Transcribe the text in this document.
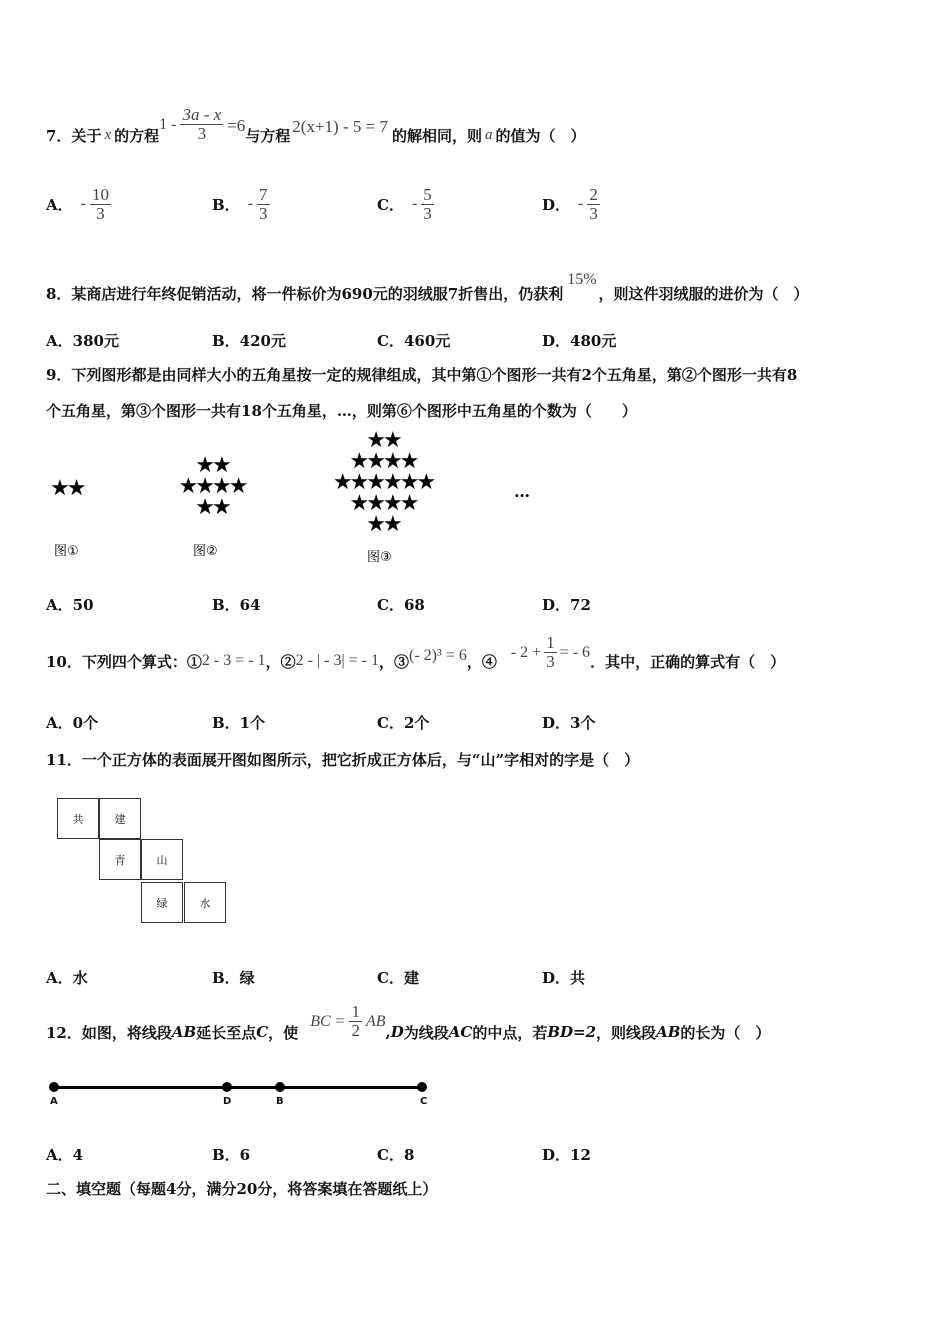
7．关于 x 的方程
$1 - \frac{3a - x}{3} =6$
与方程 2(x+1) - 5 = 7 的解相同，则 a 的值为（　）
A． - $\frac{10}{3}$	B． - $\frac{7}{3}$	C． - $\frac{5}{3}$	D． - $\frac{2}{3}$
8．某商店进行年终促销活动，将一件标价为690元的羽绒服7折售出，仍获利
15%
，则这件羽绒服的进价为（　）
A．380元	B．420元	C．460元	D．480元
9．下列图形都是由同样大小的五角星按一定的规律组成，其中第①个图形一共有2个五角星，第②个图形一共有8
个五角星，第③个图形一共有18个五角星，…，则第⑥个图形中五角星的个数为（　　）
★★
图①
★★
★★★★
★★
图②
★★
★★★★
★★★★★★
★★★★
★★
图③
…
A．50	B．64	C．68	D．72
10．下列四个算式：① 2 - 3 = - 1 ，② 2 - | - 3| = - 1 ，③ (- 2)³ = 6 ，④
- $2 + \frac{1}{3}$ = - 6
．其中，正确的算式有（　）
A．0个	B．1个	C．2个	D．3个
11．一个正方体的表面展开图如图所示，把它折成正方体后，与“山”字相对的字是（　）
共	建
青	山
绿	水
A．水	B．绿	C．建	D．共
12．如图，将线段 AB 延长至点 C ，使
BC = $\frac{1}{2}$ AB
, D 为线段 AC 的中点，若 BD=2 ，则线段 AB 的长为（　）
A	D	B	C
A．4	B．6	C．8	D．12
二、填空题（每题4分，满分20分，将答案填在答题纸上）
